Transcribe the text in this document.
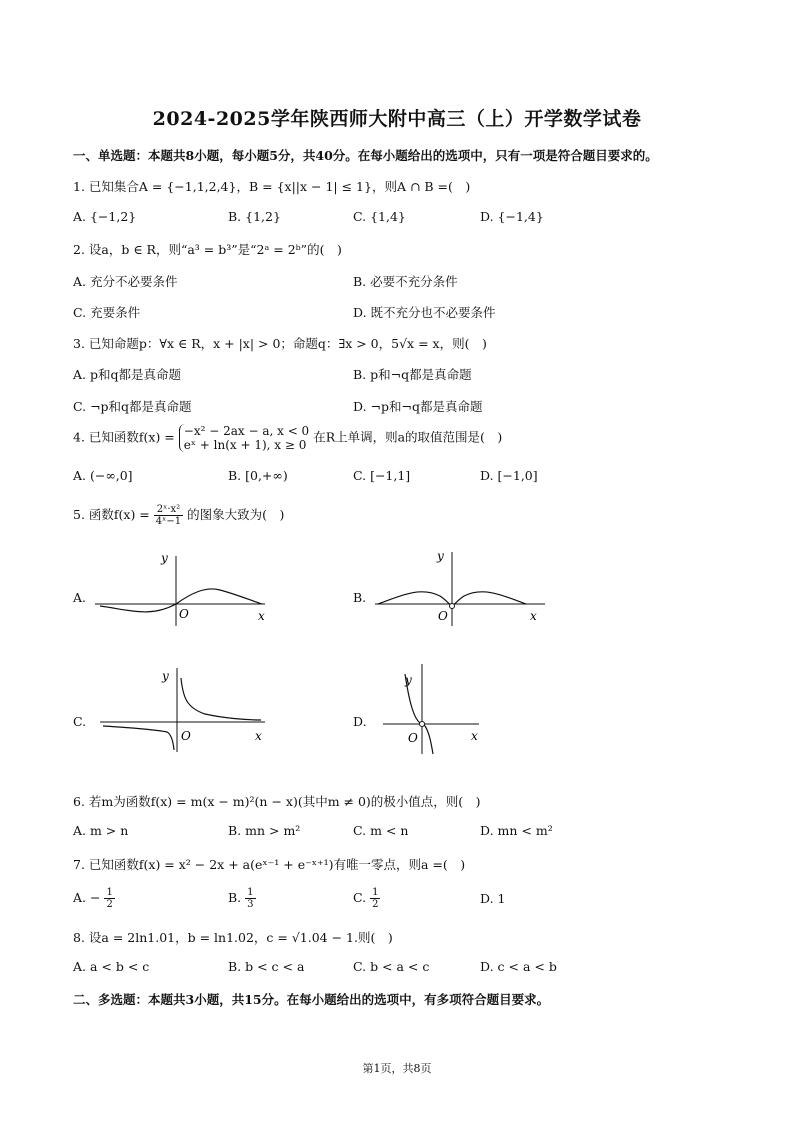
2024-2025学年陕西师大附中高三（上）开学数学试卷
一、单选题：本题共8小题，每小题5分，共40分。在每小题给出的选项中，只有一项是符合题目要求的。
1. 已知集合A = {−1,1,2,4}，B = {x||x − 1| ≤ 1}，则A ∩ B =(　)
A. {−1,2}	B. {1,2}	C. {1,4}	D. {−1,4}
2. 设a，b ∈ R，则“a³ = b³”是“2ᵃ = 2ᵇ”的(　)
A. 充分不必要条件	B. 必要不充分条件
C. 充要条件	D. 既不充分也不必要条件
3. 已知命题p：∀x ∈ R，x + |x| > 0；命题q：∃x > 0，5√x = x，则(　)
A. p和q都是真命题	B. p和¬q都是真命题
C. ¬p和q都是真命题	D. ¬p和¬q都是真命题
4. 已知函数f(x) = −x² − 2ax − a, x < 0
eˣ + ln(x + 1), x ≥ 0
在R上单调，则a的取值范围是(　)
A. (−∞,0]	B. [0,+∞)	C. [−1,1]	D. [−1,0]
5. 函数$f(x) = \frac{\text{2ˣ·x²}}{\text{4ˣ−1}}$ 的图象大致为(　)
A.
y
x
O
B.
y
x
O
C.
y
x
O
D.
y
x
O
6. 若m为函数f(x) = m(x − m)²(n − x)(其中m ≠ 0)的极小值点，则(　)
A. m > n	B. mn > m²	C. m < n	D. mn < m²
7. 已知函数f(x) = x² − 2x + a(eˣ⁻¹ + e⁻ˣ⁺¹)有唯一零点，则a =(　)
A. − $\frac{1}{2}$	B. $\frac{1}{3}$	C. $\frac{1}{2}$	D. 1
8. 设a = 2ln1.01，b = ln1.02，c = √1.04 − 1.则(　)
A. a < b < c	B. b < c < a	C. b < a < c	D. c < a < b
二、多选题：本题共3小题，共15分。在每小题给出的选项中，有多项符合题目要求。
第1页，共8页
